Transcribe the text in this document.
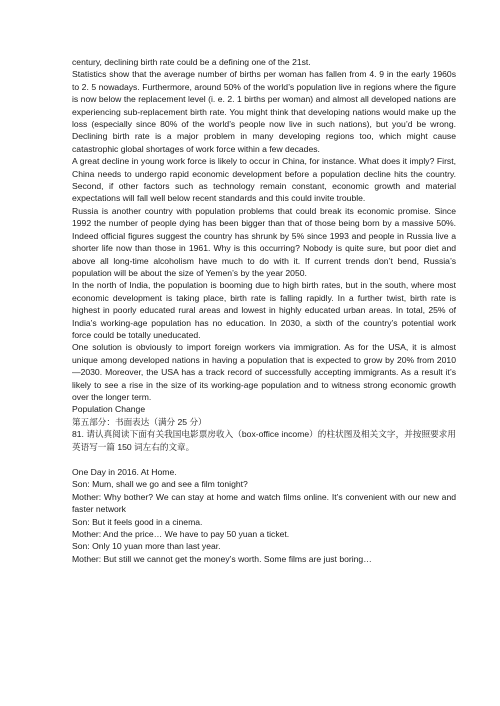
century, declining birth rate could be a defining one of the 21st.

Statistics show that the average number of births per woman has fallen from 4. 9 in the early 1960s to 2. 5 nowadays. Furthermore, around 50% of the world’s population live in regions where the figure is now below the replacement level (i. e. 2. 1 births per woman) and almost all developed nations are experiencing sub-replacement birth rate. You might think that developing nations would make up the loss (especially since 80% of the world’s people now live in such nations), but you’d be wrong. Declining birth rate is a major problem in many developing regions too, which might cause catastrophic global shortages of work force within a few decades.

A great decline in young work force is likely to occur in China, for instance. What does it imply? First, China needs to undergo rapid economic development before a population decline hits the country. Second, if other factors such as technology remain constant, economic growth and material expectations will fall well below recent standards and this could invite trouble.

Russia is another country with population problems that could break its economic promise. Since 1992 the number of people dying has been bigger than that of those being born by a massive 50%. Indeed official figures suggest the country has shrunk by 5% since 1993 and people in Russia live a shorter life now than those in 1961. Why is this occurring? Nobody is quite sure, but poor diet and above all long-time alcoholism have much to do with it. If current trends don’t bend, Russia’s population will be about the size of Yemen’s by the year 2050.

In the north of India, the population is booming due to high birth rates, but in the south, where most economic development is taking place, birth rate is falling rapidly. In a further twist, birth rate is highest in poorly educated rural areas and lowest in highly educated urban areas. In total, 25% of India’s working-age population has no education. In 2030, a sixth of the country’s potential work force could be totally uneducated.

One solution is obviously to import foreign workers via immigration. As for the USA, it is almost unique among developed nations in having a population that is expected to grow by 20% from 2010—2030. Moreover, the USA has a track record of successfully accepting immigrants. As a result it’s likely to see a rise in the size of its working-age population and to witness strong economic growth over the longer term.

Population Change

第五部分：书面表达（满分 25 分）

81. 请认真阅读下面有关我国电影票房收入（box-office income）的柱状图及相关文字，并按照要求用英语写一篇 150 词左右的文章。

One Day in 2016. At Home.

Son: Mum, shall we go and see a film tonight?

Mother: Why bother? We can stay at home and watch films online. It’s convenient with our new and faster network

Son: But it feels good in a cinema.

Mother: And the price… We have to pay 50 yuan a ticket.

Son: Only 10 yuan more than last year.

Mother: But still we cannot get the money’s worth. Some films are just boring…
